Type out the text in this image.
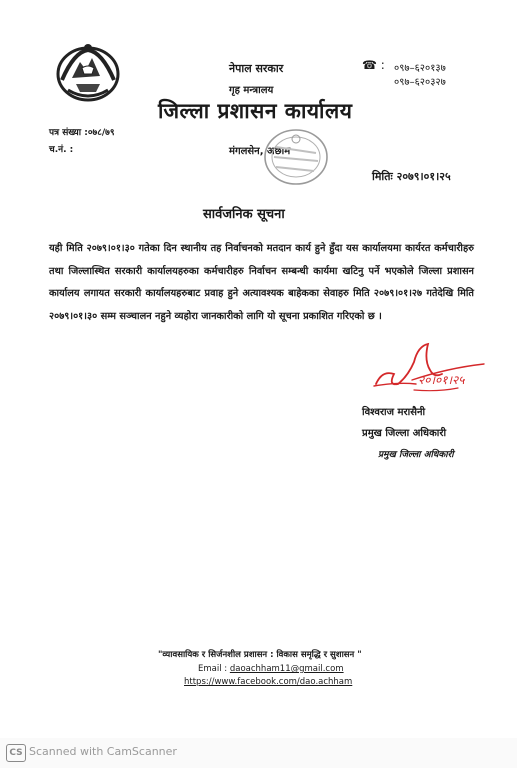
नेपाल सरकार
गृह मन्त्रालय
जिल्ला प्रशासन कार्यालय
मंगलसेन, अछाम
☎ : ०९७–६२०१३७
०९७–६२०३२७
पत्र संख्या :०७८/७९
च.नं. :
मितिः २०७९।०१।२५
सार्वजनिक सूचना
यही मिति २०७९।०१।३० गतेका दिन स्थानीय तह निर्वाचनको मतदान कार्य हुने हुँदा यस कार्यालयमा कार्यरत कर्मचारीहरु तथा जिल्लास्थित सरकारी कार्यालयहरुका कर्मचारीहरु निर्वाचन सम्बन्धी कार्यमा खटिनु पर्ने भएकोले जिल्ला प्रशासन कार्यालय लगायत सरकारी कार्यालयहरुबाट प्रवाह हुने अत्यावश्यक बाहेकका सेवाहरु मिति २०७९।०१।२७ गतेदेखि मिति २०७९।०१।३० सम्म सञ्चालन नहुने व्यहोरा जानकारीको लागि यो सूचना प्रकाशित गरिएको छ ।
२०।०१।२५
विश्वराज मरासैनी
प्रमुख जिल्ला अधिकारी
प्रमुख जिल्ला अधिकारी
"व्यावसायिक र सिर्जनशील प्रशासन : विकास समृद्धि र सुशासन "
Email : daoachham11@gmail.com
https://www.facebook.com/dao.achham
CS Scanned with CamScanner
